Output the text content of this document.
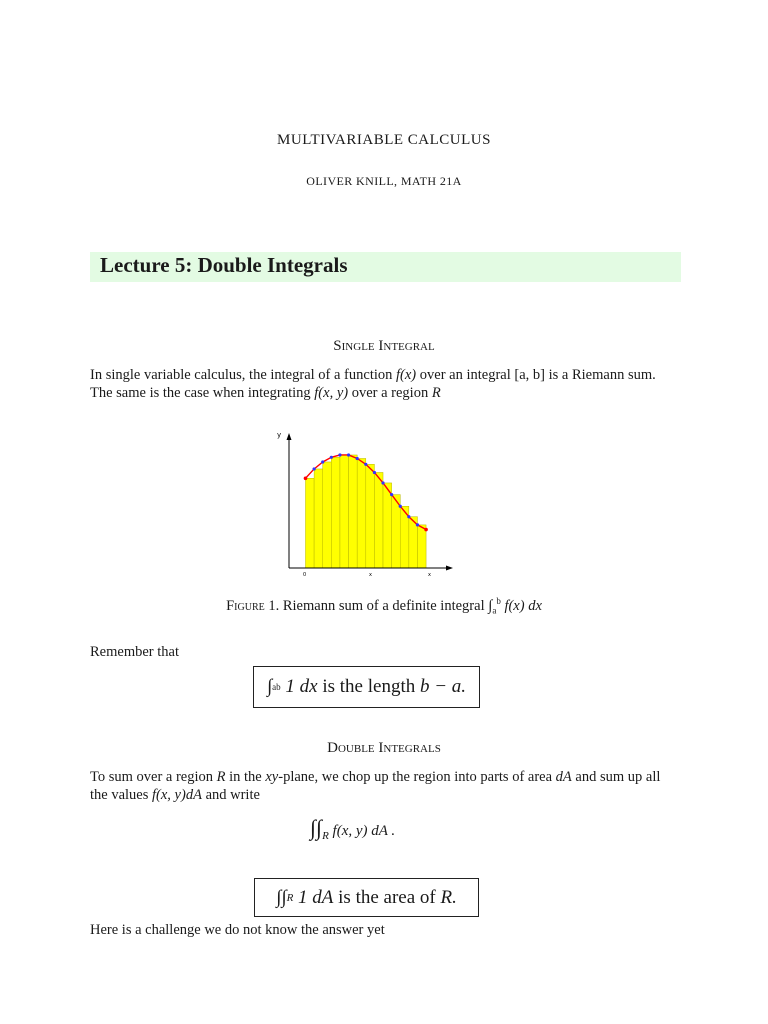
MULTIVARIABLE CALCULUS
OLIVER KNILL, MATH 21A
Lecture 5: Double Integrals
Single Integral
In single variable calculus, the integral of a function f(x) over an integral [a, b] is a Riemann sum. The same is the case when integrating f(x, y) over a region R
y
x
0	x
Figure 1. Riemann sum of a definite integral $\int_a^b$ f(x) dx
Remember that
∫ a b
1 dx
is the length
b − a.
Double Integrals
To sum over a region R in the xy-plane, we chop up the region into parts of area dA and sum up all the values f(x, y)dA and write
$\int\int_R$ f(x, y) dA .
∫∫ R
1 dA
is the area of
R.
Here is a challenge we do not know the answer yet
